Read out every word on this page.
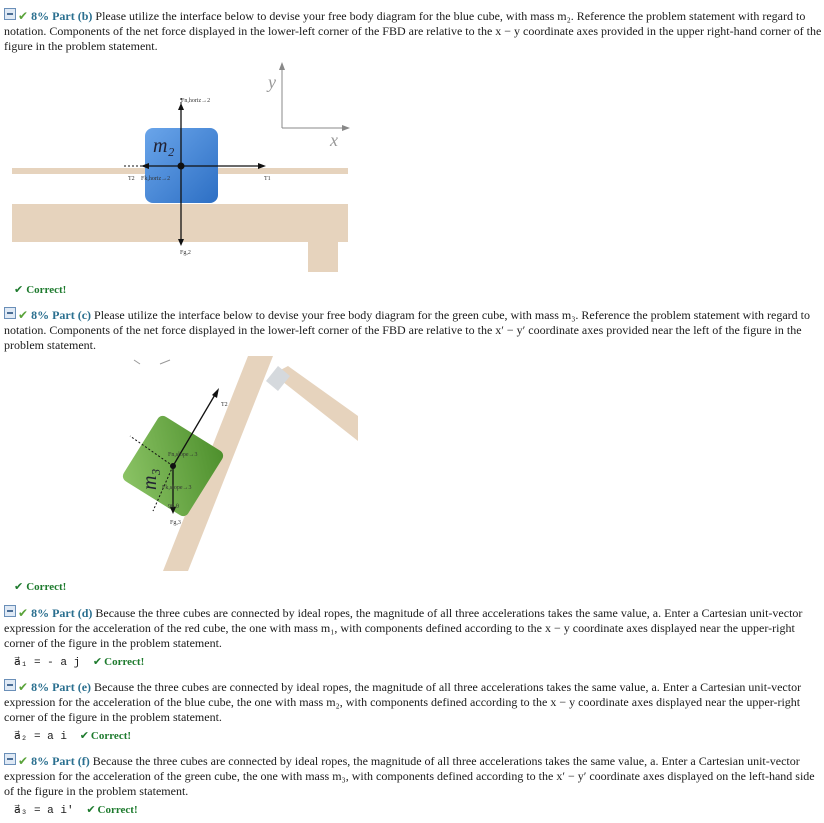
✔ 8% Part (b) Please utilize the interface below to devise your free body diagram for the blue cube, with mass m₂. Reference the problem statement with regard to notation. Components of the net force displayed in the lower-left corner of the FBD are relative to the x − y coordinate axes provided in the upper right-hand corner of the figure in the problem statement.
y
x
m₂
Fn,horiz→2
T2 Fk,horiz→2	T1
Fg,2
✔ Correct!
✔ 8% Part (c) Please utilize the interface below to devise your free body diagram for the green cube, with mass m₃. Reference the problem statement with regard to notation. Components of the net force displayed in the lower-left corner of the FBD are relative to the x′ − y′ coordinate axes provided near the left of the figure in the problem statement.
m₃
T2
Fn,slope→3
Fk,slope→3
90-θ
Fg,3
✔ Correct!
✔ 8% Part (d) Because the three cubes are connected by ideal ropes, the magnitude of all three accelerations takes the same value, a. Enter a Cartesian unit-vector expression for the acceleration of the red cube, the one with mass m₁, with components defined according to the x − y coordinate axes displayed near the upper-right corner of the figure in the problem statement.
a⃗₁ = - a j ✔ Correct!
✔ 8% Part (e) Because the three cubes are connected by ideal ropes, the magnitude of all three accelerations takes the same value, a. Enter a Cartesian unit-vector expression for the acceleration of the blue cube, the one with mass m₂, with components defined according to the x − y coordinate axes displayed near the upper-right corner of the figure in the problem statement.
a⃗₂ = a i ✔ Correct!
✔ 8% Part (f) Because the three cubes are connected by ideal ropes, the magnitude of all three accelerations takes the same value, a. Enter a Cartesian unit-vector expression for the acceleration of the green cube, the one with mass m₃, with components defined according to the x′ − y′ coordinate axes displayed on the left-hand side of the figure in the problem statement.
a⃗₃ = a i′ ✔ Correct!
